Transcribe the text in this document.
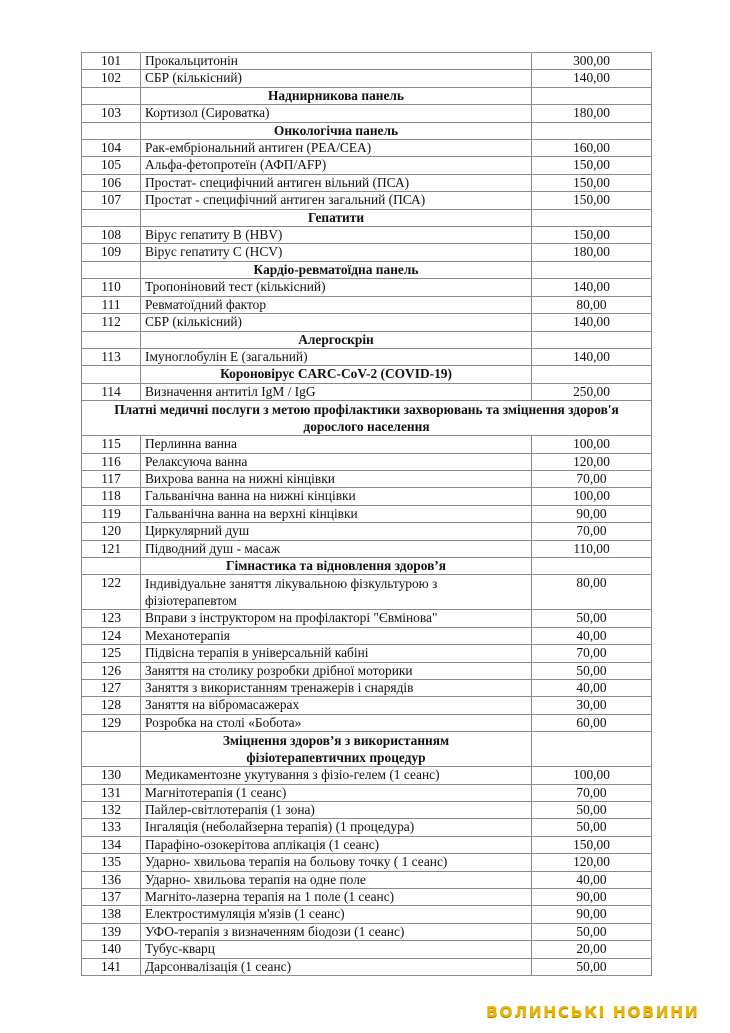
101	Прокальцитонін	300,00
102	СБР (кількісний)	140,00
	Наднирникова панель	
103	Кортизол (Сироватка)	180,00
	Онкологічна панель	
104	Рак-ембріональний антиген (РЕА/CEA)	160,00
105	Альфа-фетопротеїн (АФП/AFP)	150,00
106	Простат- специфічний антиген вільний (ПСА)	150,00
107	Простат - специфічний антиген загальний (ПСА)	150,00
	Гепатити	
108	Вірус гепатиту В (HBV)	150,00
109	Вірус гепатиту С (HCV)	180,00
	Кардіо-ревматоїдна панель	
110	Тропоніновий тест (кількісний)	140,00
111	Ревматоїдний фактор	80,00
112	СБР (кількісний)	140,00
	Алергоскрін	
113	Імуноглобулін Е (загальний)	140,00
	Короновірус CARC-CoV-2 (COVID-19)	
114	Визначення антитіл IgM / IgG	250,00
Платні медичні послуги з метою профілактики захворювань та зміцнення здоров'я дорослого населення		
115	Перлинна ванна	100,00
116	Релаксуюча ванна	120,00
117	Вихрова ванна на нижні кінцівки	70,00
118	Гальванічна ванна на нижні кінцівки	100,00
119	Гальванічна ванна на верхні кінцівки	90,00
120	Циркулярний душ	70,00
121	Підводний душ - масаж	110,00
	Гімнастика та відновлення здоров’я	
122	Індивідуальне заняття лікувальною фізкультурою з фізіотерапевтом	80,00
123	Вправи з інструктором на профілакторі "Євмінова"	50,00
124	Механотерапія	40,00
125	Підвісна терапія в універсальній кабіні	70,00
126	Заняття на столику розробки дрібної моторики	50,00
127	Заняття з використанням тренажерів і снарядів	40,00
128	Заняття на вібромасажерах	30,00
129	Розробка на столі «Бобота»	60,00
	Зміцнення здоров’я з використанням фізіотерапевтичних процедур	
130	Медикаментозне укутування з фізіо-гелем (1 сеанс)	100,00
131	Магнітотерапія (1 сеанс)	70,00
132	Пайлер-світлотерапія (1 зона)	50,00
133	Інгаляція (неболайзерна терапія) (1 процедура)	50,00
134	Парафіно-озокерітова аплікація (1 сеанс)	150,00
135	Ударно- хвильова терапія на больову точку ( 1 сеанс)	120,00
136	Ударно- хвильова терапія на одне поле	40,00
137	Магніто-лазерна терапія на 1 поле (1 сеанс)	90,00
138	Електростимуляція м'язів (1 сеанс)	90,00
139	УФО-терапія з визначенням біодози (1 сеанс)	50,00
140	Тубус-кварц	20,00
141	Дарсонвалізація (1 сеанс)	50,00
ВОЛИНСЬКІ НОВИНИ
